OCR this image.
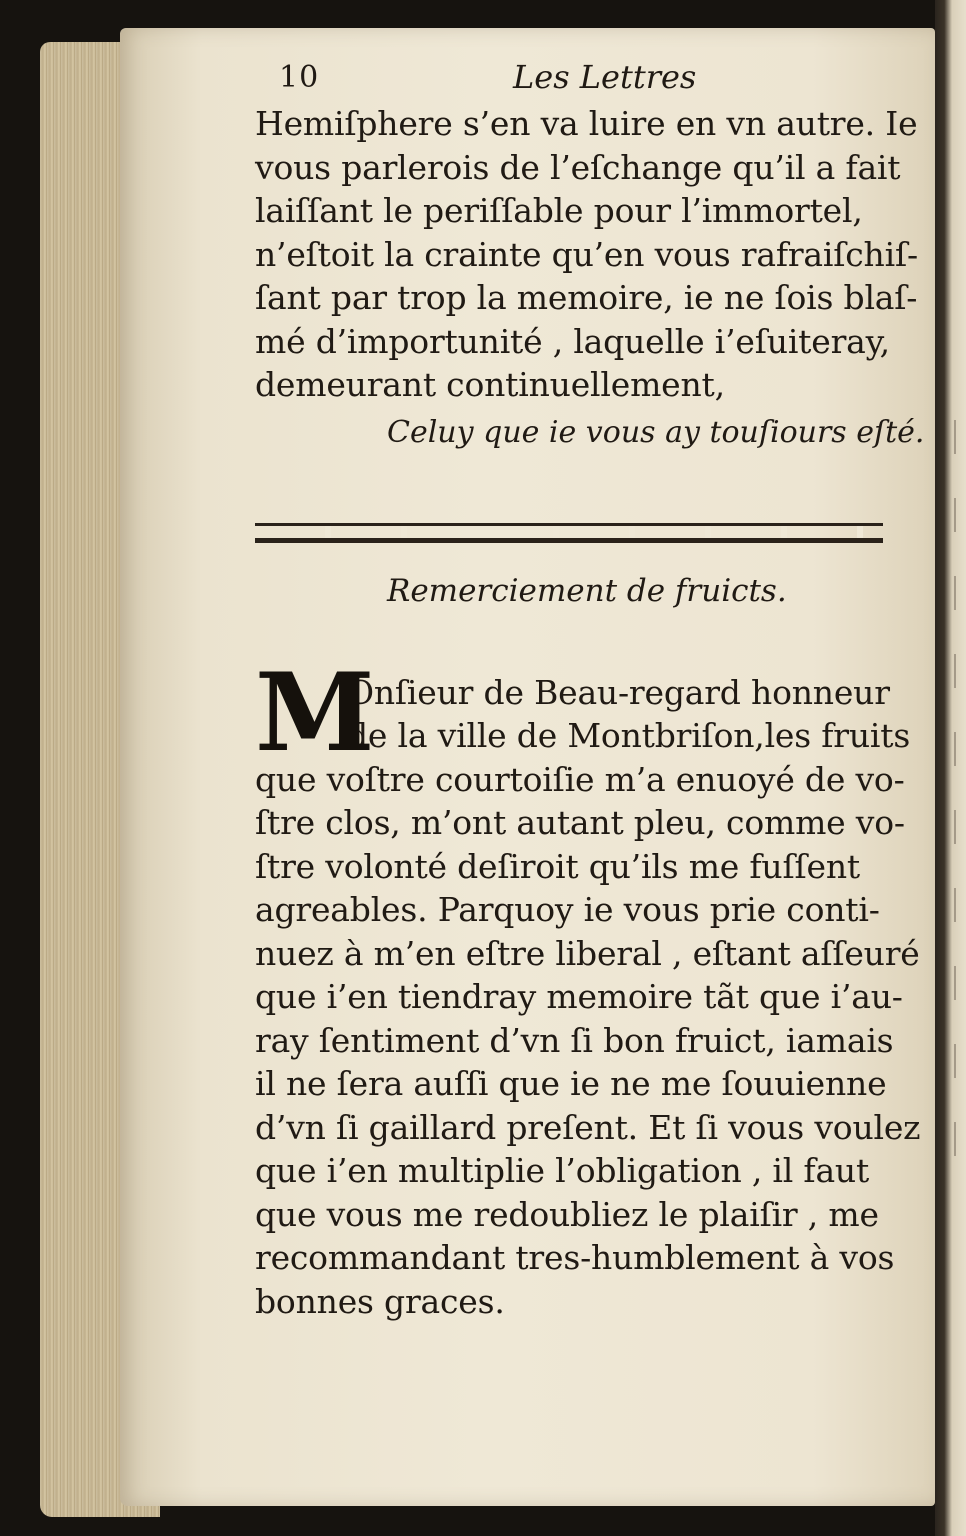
10	Les Lettres
Hemiſphere s’en va luire en vn autre. Ie
vous parlerois de l’eſchange qu’il a fait
laiſſant le periſſable pour l’immortel,
n’eſtoit la crainte qu’en vous rafraiſchiſ-
ſant par trop la memoire, ie ne ſois blaſ-
mé d’importunité , laquelle i’eſuiteray,
demeurant continuellement,
Celuy que ie vous ay touſiours eſté.
Remerciement de fruicts.
M
Onſieur de Beau-regard honneur
de la ville de Montbriſon,les fruits
que voſtre courtoiſie m’a enuoyé de vo-
ſtre clos, m’ont autant pleu, comme vo-
ſtre volonté deſiroit qu’ils me fuſſent
agreables. Parquoy ie vous prie conti-
nuez à m’en eſtre liberal , eſtant aſſeuré
que i’en tiendray memoire tãt que i’au-
ray ſentiment d’vn ſi bon fruict, iamais
il ne ſera auſſi que ie ne me ſouuienne
d’vn ſi gaillard preſent. Et ſi vous voulez
que i’en multiplie l’obligation , il faut
que vous me redoubliez le plaiſir , me
recommandant tres-humblement à vos
bonnes graces.
